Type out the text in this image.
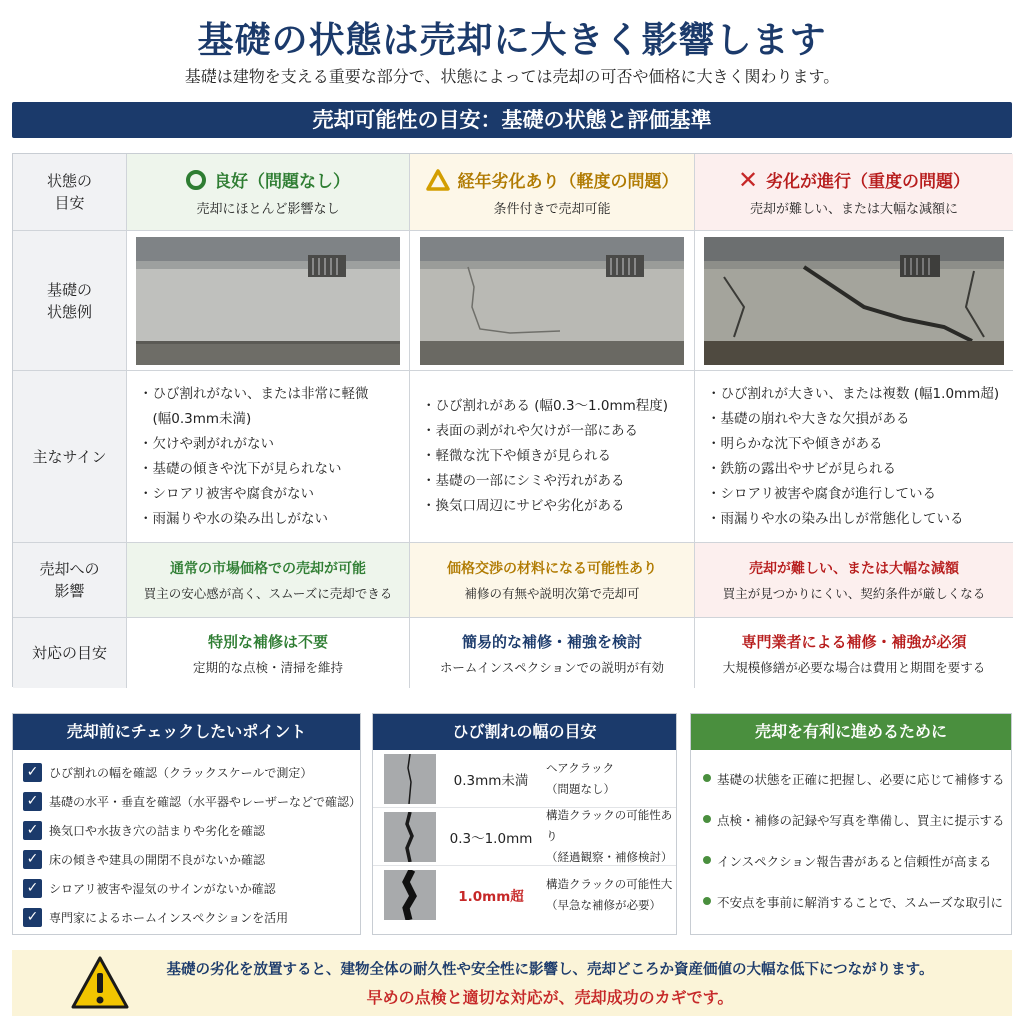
基礎の状態は売却に大きく影響します
基礎は建物を支える重要な部分で、状態によっては売却の可否や価格に大きく関わります。
売却可能性の目安：基礎の状態と評価基準
状態の
目安
良好（問題なし）
売却にほとんど影響なし
経年劣化あり（軽度の問題）
条件付きで売却可能
✕ 劣化が進行（重度の問題）
売却が難しい、または大幅な減額に
基礎の
状態例
主なサイン
・ひび割れがない、または非常に軽微
　(幅0.3mm未満)
・欠けや剥がれがない
・基礎の傾きや沈下が見られない
・シロアリ被害や腐食がない
・雨漏りや水の染み出しがない
・ひび割れがある (幅0.3〜1.0mm程度)
・表面の剥がれや欠けが一部にある
・軽微な沈下や傾きが見られる
・基礎の一部にシミや汚れがある
・換気口周辺にサビや劣化がある
・ひび割れが大きい、または複数 (幅1.0mm超)
・基礎の崩れや大きな欠損がある
・明らかな沈下や傾きがある
・鉄筋の露出やサビが見られる
・シロアリ被害や腐食が進行している
・雨漏りや水の染み出しが常態化している
売却への
影響
通常の市場価格での売却が可能
買主の安心感が高く、スムーズに売却できる
価格交渉の材料になる可能性あり
補修の有無や説明次第で売却可
売却が難しい、または大幅な減額
買主が見つかりにくい、契約条件が厳しくなる
対応の目安
特別な補修は不要
定期的な点検・清掃を維持
簡易的な補修・補強を検討
ホームインスペクションでの説明が有効
専門業者による補修・補強が必須
大規模修繕が必要な場合は費用と期間を要する
売却前にチェックしたいポイント
✓ ひび割れの幅を確認（クラックスケールで測定）
✓ 基礎の水平・垂直を確認（水平器やレーザーなどで確認）
✓ 換気口や水抜き穴の詰まりや劣化を確認
✓ 床の傾きや建具の開閉不良がないか確認
✓ シロアリ被害や湿気のサインがないか確認
✓ 専門家によるホームインスペクションを活用
ひび割れの幅の目安
0.3mm未満
ヘアクラック
（問題なし）
0.3〜1.0mm
構造クラックの可能性あり
（経過観察・補修検討）
1.0mm超
構造クラックの可能性大
（早急な補修が必要）
売却を有利に進めるために
基礎の状態を正確に把握し、必要に応じて補修する
点検・補修の記録や写真を準備し、買主に提示する
インスペクション報告書があると信頼性が高まる
不安点を事前に解消することで、スムーズな取引に
基礎の劣化を放置すると、建物全体の耐久性や安全性に影響し、売却どころか資産価値の大幅な低下につながります。
早めの点検と適切な対応が、売却成功のカギです。
